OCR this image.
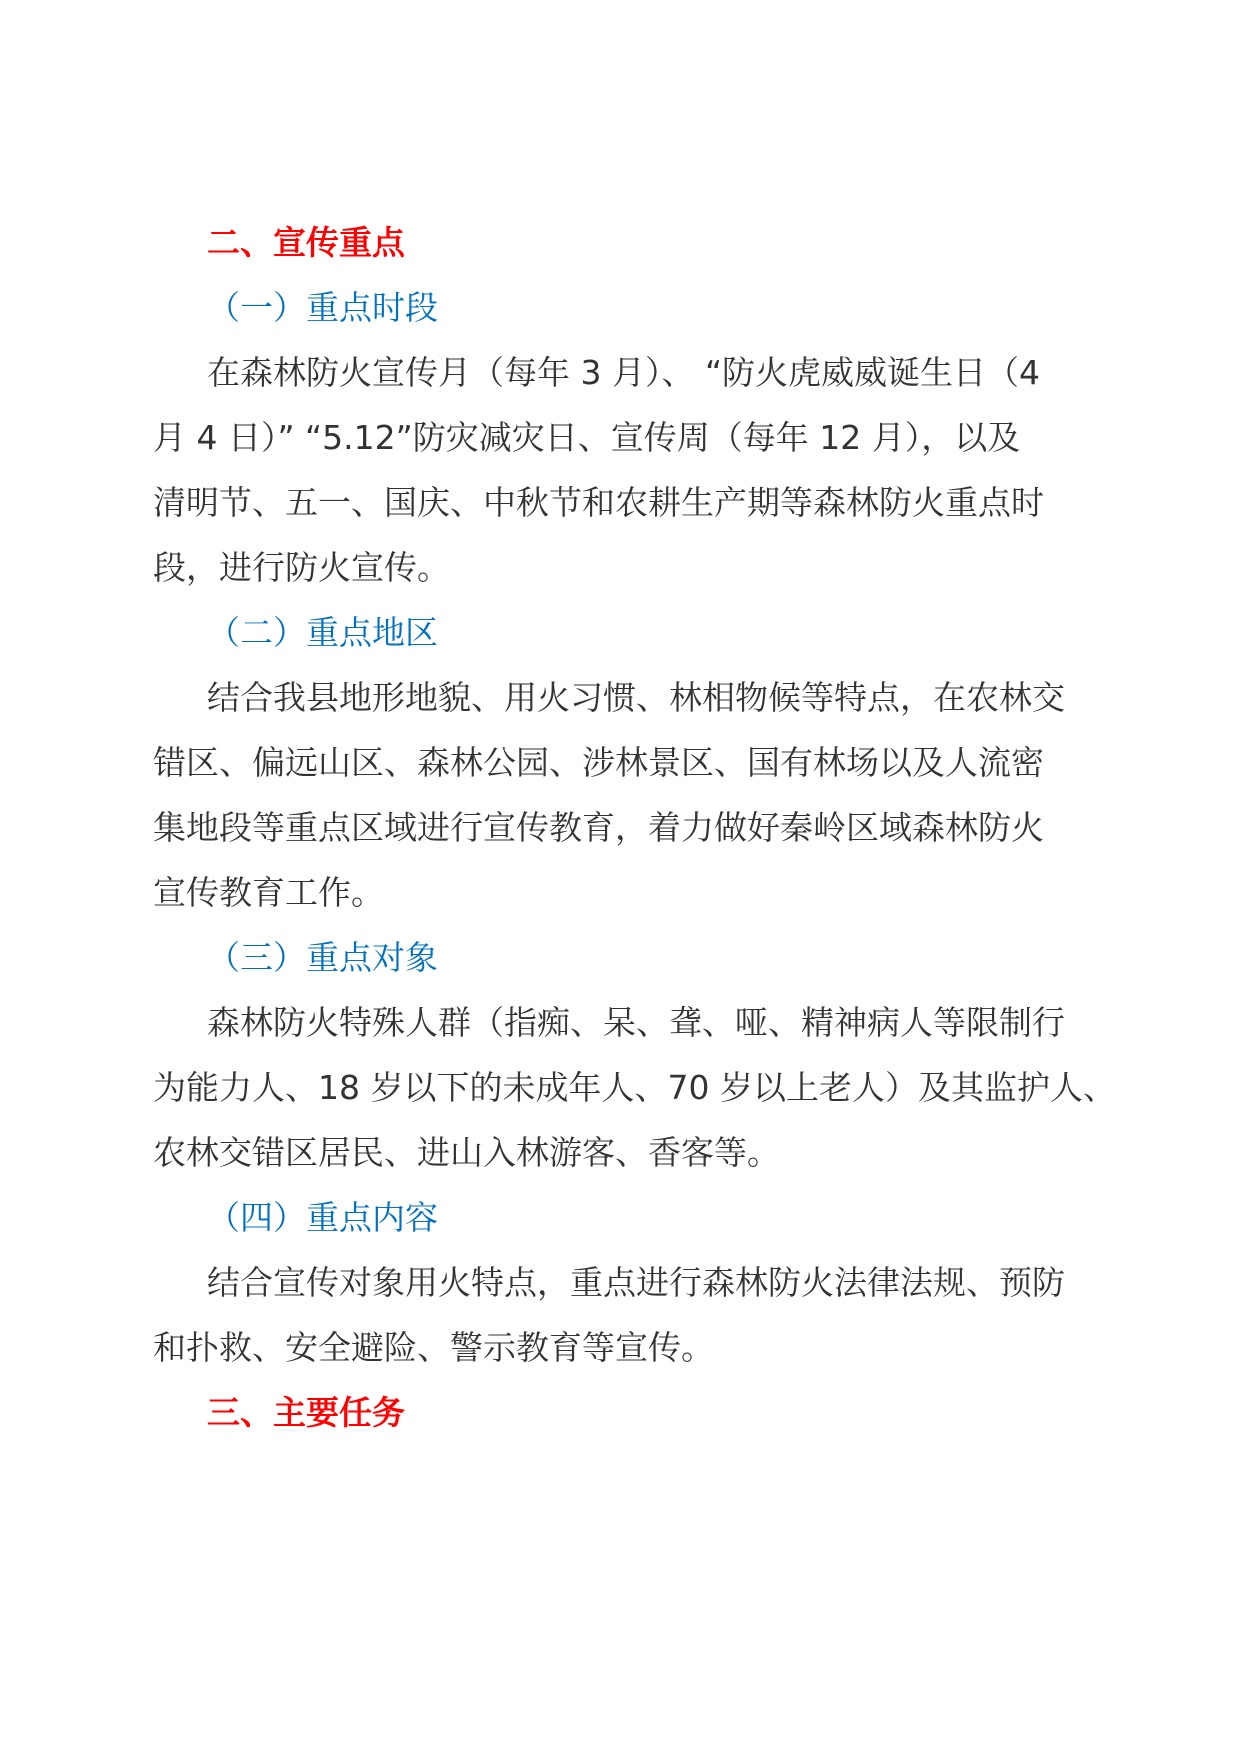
二、宣传重点
（一）重点时段
在森林防火宣传月（每年 3 月）、 “防火虎威威诞生日（4
月 4 日）” “5.12”防灾减灾日、宣传周（每年 12 月），以及
清明节、五一、国庆、中秋节和农耕生产期等森林防火重点时
段，进行防火宣传。
（二）重点地区
结合我县地形地貌、用火习惯、林相物候等特点，在农林交
错区、偏远山区、森林公园、涉林景区、国有林场以及人流密
集地段等重点区域进行宣传教育，着力做好秦岭区域森林防火
宣传教育工作。
（三）重点对象
森林防火特殊人群（指痴、呆、聋、哑、精神病人等限制行
为能力人、18 岁以下的未成年人、70 岁以上老人）及其监护人、
农林交错区居民、进山入林游客、香客等。
（四）重点内容
结合宣传对象用火特点，重点进行森林防火法律法规、预防
和扑救、安全避险、警示教育等宣传。
三、主要任务
